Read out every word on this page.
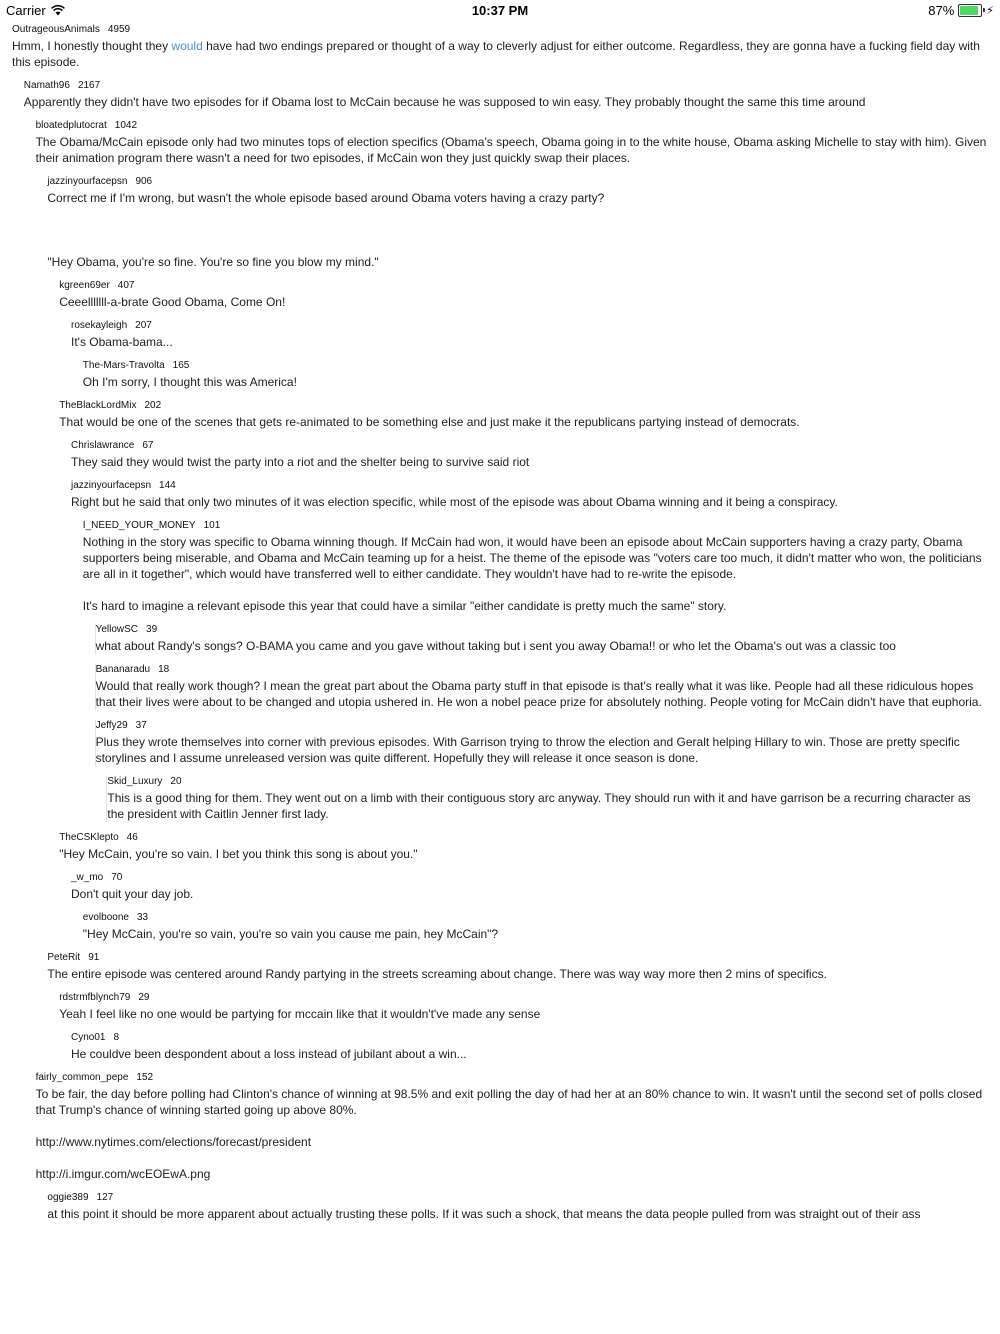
Carrier	10:37 PM	87%	⚡
OutrageousAnimals 4959

Hmm, I honestly thought they would have had two endings prepared or thought of a way to cleverly adjust for either outcome. Regardless, they are gonna have a fucking field day with this episode.

Namath96 2167

Apparently they didn't have two episodes for if Obama lost to McCain because he was supposed to win easy. They probably thought the same this time around

bloatedplutocrat 1042

The Obama/McCain episode only had two minutes tops of election specifics (Obama's speech, Obama going in to the white house, Obama asking Michelle to stay with him). Given their animation program there wasn't a need for two episodes, if McCain won they just quickly swap their places.

jazzinyourfacepsn 906

Correct me if I'm wrong, but wasn't the whole episode based around Obama voters having a crazy party?

"Hey Obama, you're so fine. You're so fine you blow my mind."

kgreen69er 407

Ceeelllllll-a-brate Good Obama, Come On!

rosekayleigh 207

It's Obama-bama...

The-Mars-Travolta 165

Oh I'm sorry, I thought this was America!

TheBlackLordMix 202

That would be one of the scenes that gets re-animated to be something else and just make it the republicans partying instead of democrats.

Chrislawrance 67

They said they would twist the party into a riot and the shelter being to survive said riot

jazzinyourfacepsn 144

Right but he said that only two minutes of it was election specific, while most of the episode was about Obama winning and it being a conspiracy.

I_NEED_YOUR_MONEY 101

Nothing in the story was specific to Obama winning though. If McCain had won, it would have been an episode about McCain supporters having a crazy party, Obama supporters being miserable, and Obama and McCain teaming up for a heist. The theme of the episode was "voters care too much, it didn't matter who won, the politicians are all in it together", which would have transferred well to either candidate. They wouldn't have had to re-write the episode.

It's hard to imagine a relevant episode this year that could have a similar "either candidate is pretty much the same" story.

YellowSC 39

what about Randy's songs? O-BAMA you came and you gave without taking but i sent you away Obama!! or who let the Obama's out was a classic too

Bananaradu 18

Would that really work though? I mean the great part about the Obama party stuff in that episode is that's really what it was like. People had all these ridiculous hopes that their lives were about to be changed and utopia ushered in. He won a nobel peace prize for absolutely nothing. People voting for McCain didn't have that euphoria.

Jeffy29 37

Plus they wrote themselves into corner with previous episodes. With Garrison trying to throw the election and Geralt helping Hillary to win. Those are pretty specific storylines and I assume unreleased version was quite different. Hopefully they will release it once season is done.

Skid_Luxury 20

This is a good thing for them. They went out on a limb with their contiguous story arc anyway. They should run with it and have garrison be a recurring character as the president with Caitlin Jenner first lady.

TheCSKlepto 46

"Hey McCain, you're so vain. I bet you think this song is about you."

_w_mo 70

Don't quit your day job.

evolboone 33

"Hey McCain, you're so vain, you're so vain you cause me pain, hey McCain"?

PeteRit 91

The entire episode was centered around Randy partying in the streets screaming about change. There was way way more then 2 mins of specifics.

rdstrmfblynch79 29

Yeah I feel like no one would be partying for mccain like that it wouldn't've made any sense

Cyno01 8

He couldve been despondent about a loss instead of jubilant about a win...

fairly_common_pepe 152

To be fair, the day before polling had Clinton's chance of winning at 98.5% and exit polling the day of had her at an 80% chance to win. It wasn't until the second set of polls closed that Trump's chance of winning started going up above 80%.

http://www.nytimes.com/elections/forecast/president

http://i.imgur.com/wcEOEwA.png

oggie389 127

at this point it should be more apparent about actually trusting these polls. If it was such a shock, that means the data people pulled from was straight out of their ass
